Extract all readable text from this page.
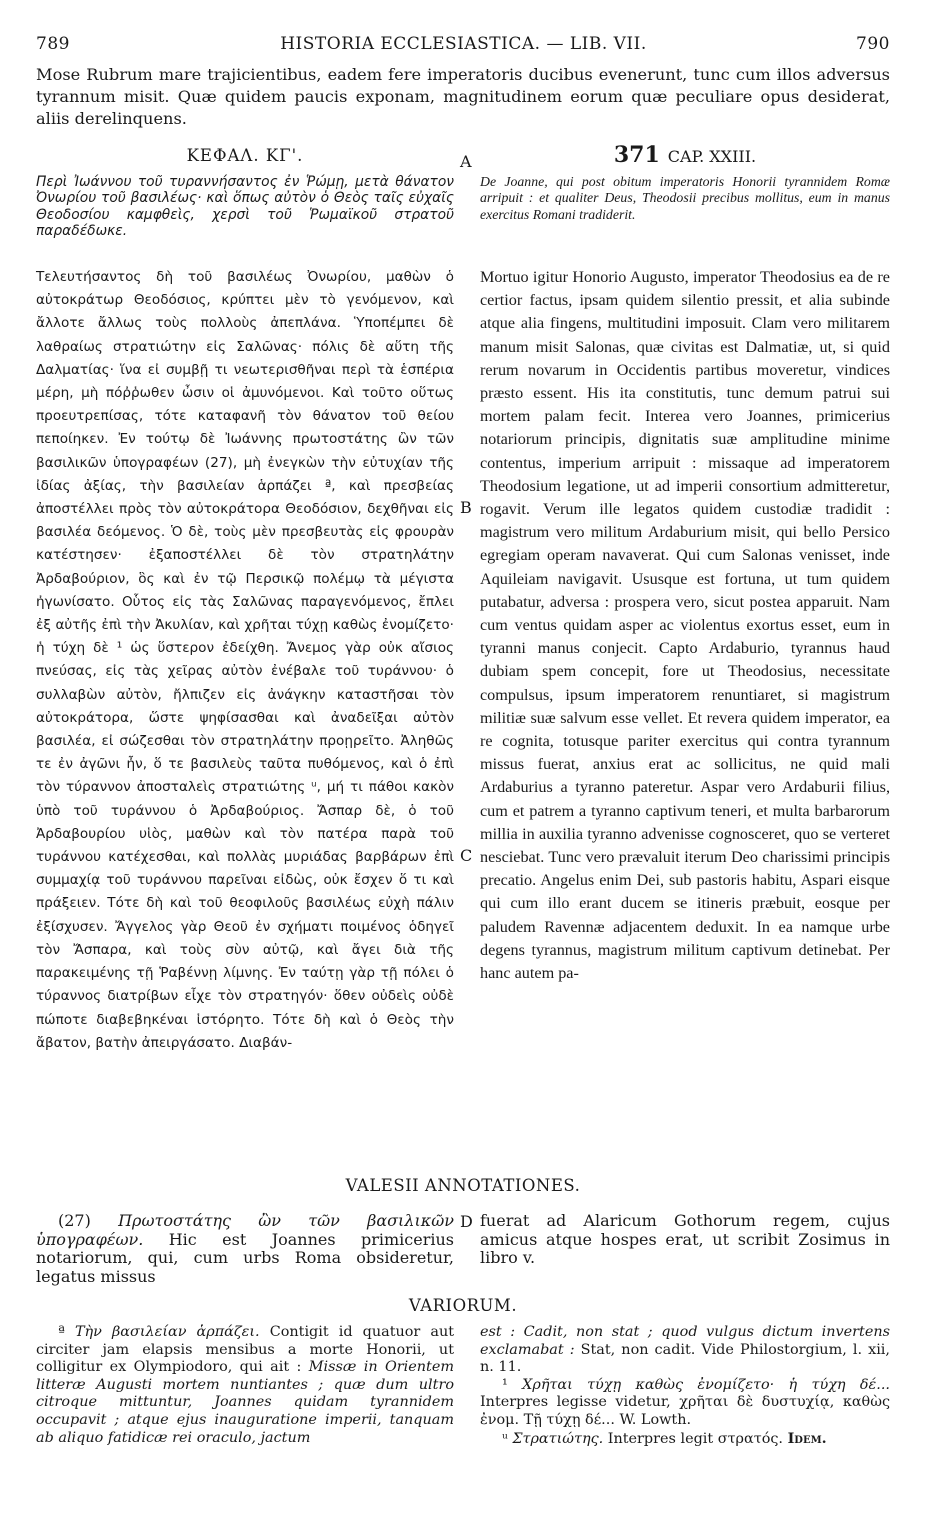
789	HISTORIA ECCLESIASTICA. — LIB. VII.	790

Mose Rubrum mare trajicientibus, eadem fere imperatoris ducibus evenerunt, tunc cum illos adversus tyrannum misit. Quæ quidem paucis exponam, magnitudinem eorum quæ peculiare opus desiderat, aliis derelinquens.

ΚΕΦΑΛ. ΚΓ'.	371 CAP. XXIII.

Περὶ Ἰωάννου τοῦ τυραννήσαντος ἐν Ῥώμῃ, μετὰ θάνατον Ὀνωρίου τοῦ βασιλέως· καὶ ὅπως αὐτὸν ὁ Θεὸς ταῖς εὐχαῖς Θεοδοσίου καμφθεὶς, χερσὶ τοῦ Ῥωμαϊκοῦ στρατοῦ παραδέδωκε.

De Joanne, qui post obitum imperatoris Honorii tyrannidem Romæ arripuit : et qualiter Deus, Theodosii precibus mollitus, eum in manus exercitus Romani tradiderit.

Τελευτήσαντος δὴ τοῦ βασιλέως Ὀνωρίου, μαθὼν ὁ αὐτοκράτωρ Θεοδόσιος, κρύπτει μὲν τὸ γενόμενον, καὶ ἄλλοτε ἄλλως τοὺς πολλοὺς ἀπεπλάνα. Ὑποπέμπει δὲ λαθραίως στρατιώτην εἰς Σαλῶνας· πόλις δὲ αὕτη τῆς Δαλματίας· ἵνα εἰ συμβῇ τι νεωτερισθῆναι περὶ τὰ ἑσπέρια μέρη, μὴ πόῤῥωθεν ὦσιν οἱ ἀμυνόμενοι. Καὶ τοῦτο οὕτως προευτρεπίσας, τότε καταφανῆ τὸν θάνατον τοῦ θείου πεποίηκεν. Ἐν τούτῳ δὲ Ἰωάννης πρωτοστάτης ὢν τῶν βασιλικῶν ὑπογραφέων (27), μὴ ἐνεγκὼν τὴν εὐτυχίαν τῆς ἰδίας ἀξίας, τὴν βασιλείαν ἁρπάζει ª, καὶ πρεσβείας ἀποστέλλει πρὸς τὸν αὐτοκράτορα Θεοδόσιον, δεχθῆναι εἰς βασιλέα δεόμενος. Ὁ δὲ, τοὺς μὲν πρεσβευτὰς εἰς φρουρὰν κατέστησεν· ἐξαποστέλλει δὲ τὸν στρατηλάτην Ἀρδαβούριον, ὃς καὶ ἐν τῷ Περσικῷ πολέμῳ τὰ μέγιστα ἠγωνίσατο. Οὗτος εἰς τὰς Σαλῶνας παραγενόμενος, ἔπλει ἐξ αὐτῆς ἐπὶ τὴν Ἀκυλίαν, καὶ χρῆται τύχῃ καθὼς ἐνομίζετο· ἡ τύχη δὲ ¹ ὡς ὕστερον ἐδείχθη. Ἄνεμος γὰρ οὐκ αἴσιος πνεύσας, εἰς τὰς χεῖρας αὐτὸν ἐνέβαλε τοῦ τυράννου· ὁ συλλαβὼν αὐτὸν, ἤλπιζεν εἰς ἀνάγκην καταστῆσαι τὸν αὐτοκράτορα, ὥστε ψηφίσασθαι καὶ ἀναδεῖξαι αὐτὸν βασιλέα, εἰ σώζεσθαι τὸν στρατηλάτην προῃρεῖτο. Ἀληθῶς τε ἐν ἀγῶνι ἦν, ὅ τε βασιλεὺς ταῦτα πυθόμενος, καὶ ὁ ἐπὶ τὸν τύραννον ἀποσταλεὶς στρατιώτης ᵘ, μή τι πάθοι κακὸν ὑπὸ τοῦ τυράννου ὁ Ἀρδαβούριος. Ἄσπαρ δὲ, ὁ τοῦ Ἀρδαβουρίου υἱὸς, μαθὼν καὶ τὸν πατέρα παρὰ τοῦ τυράννου κατέχεσθαι, καὶ πολλὰς μυριάδας βαρβάρων ἐπὶ συμμαχίᾳ τοῦ τυράννου παρεῖναι εἰδὼς, οὐκ ἔσχεν ὅ τι καὶ πράξειεν. Τότε δὴ καὶ τοῦ θεοφιλοῦς βασιλέως εὐχὴ πάλιν ἐξίσχυσεν. Ἄγγελος γὰρ Θεοῦ ἐν σχήματι ποιμένος ὁδηγεῖ τὸν Ἄσπαρα, καὶ τοὺς σὺν αὐτῷ, καὶ ἄγει διὰ τῆς παρακειμένης τῇ Ῥαβέννῃ λίμνης. Ἐν ταύτῃ γὰρ τῇ πόλει ὁ τύραννος διατρίβων εἶχε τὸν στρατηγόν· ὅθεν οὐδεὶς οὐδὲ πώποτε διαβεβηκέναι ἱστόρητο. Τότε δὴ καὶ ὁ Θεὸς τὴν ἄβατον, βατὴν ἀπειργάσατο. Διαβάν-

Mortuo igitur Honorio Augusto, imperator Theodosius ea de re certior factus, ipsam quidem silentio pressit, et alia subinde atque alia fingens, multitudini imposuit. Clam vero militarem manum misit Salonas, quæ civitas est Dalmatiæ, ut, si quid rerum novarum in Occidentis partibus moveretur, vindices præsto essent. His ita constitutis, tunc demum patrui sui mortem palam fecit. Interea vero Joannes, primicerius notariorum principis, dignitatis suæ amplitudine minime contentus, imperium arripuit : missaque ad imperatorem Theodosium legatione, ut ad imperii consortium admitteretur, rogavit. Verum ille legatos quidem custodiæ tradidit : magistrum vero militum Ardaburium misit, qui bello Persico egregiam operam navaverat. Qui cum Salonas venisset, inde Aquileiam navigavit. Ususque est fortuna, ut tum quidem putabatur, adversa : prospera vero, sicut postea apparuit. Nam cum ventus quidam asper ac violentus exortus esset, eum in tyranni manus conjecit. Capto Ardaburio, tyrannus haud dubiam spem concepit, fore ut Theodosius, necessitate compulsus, ipsum imperatorem renuntiaret, si magistrum militiæ suæ salvum esse vellet. Et revera quidem imperator, ea re cognita, totusque pariter exercitus qui contra tyrannum missus fuerat, anxius erat ac sollicitus, ne quid mali Ardaburius a tyranno pateretur. Aspar vero Ardaburii filius, cum et patrem a tyranno captivum teneri, et multa barbarorum millia in auxilia tyranno advenisse cognosceret, quo se verteret nesciebat. Tunc vero prævaluit iterum Deo charissimi principis precatio. Angelus enim Dei, sub pastoris habitu, Aspari eisque qui cum illo erant ducem se itineris præbuit, eosque per paludem Ravennæ adjacentem deduxit. In ea namque urbe degens tyrannus, magistrum militum captivum detinebat. Per hanc autem pa-

A
B
C
D
VALESII ANNOTATIONES.

(27) Πρωτοστάτης ὢν τῶν βασιλικῶν ὑπογραφέων. Hic est Joannes primicerius notariorum, qui, cum urbs Roma obsideretur, legatus missus

fuerat ad Alaricum Gothorum regem, cujus amicus atque hospes erat, ut scribit Zosimus in libro v.

VARIORUM.

ª Τὴν βασιλείαν ἁρπάζει. Contigit id quatuor aut circiter jam elapsis mensibus a morte Honorii, ut colligitur ex Olympiodoro, qui ait : Missæ in Orientem litteræ Augusti mortem nuntiantes ; quæ dum ultro citroque mittuntur, Joannes quidam tyrannidem occupavit ; atque ejus inauguratione imperii, tanquam ab aliquo fatidicæ rei oraculo, jactum

est : Cadit, non stat ; quod vulgus dictum invertens exclamabat : Stat, non cadit. Vide Philostorgium, l. xii, n. 11.
¹ Χρῆται τύχῃ καθὼς ἐνομίζετο· ἡ τύχη δέ... Interpres legisse videtur, χρῆται δὲ δυστυχίᾳ, καθὼς ἐνομ. Τῇ τύχῃ δέ... W. Lowth.
ᵘ Στρατιώτης. Interpres legit στρατός. Idem.
